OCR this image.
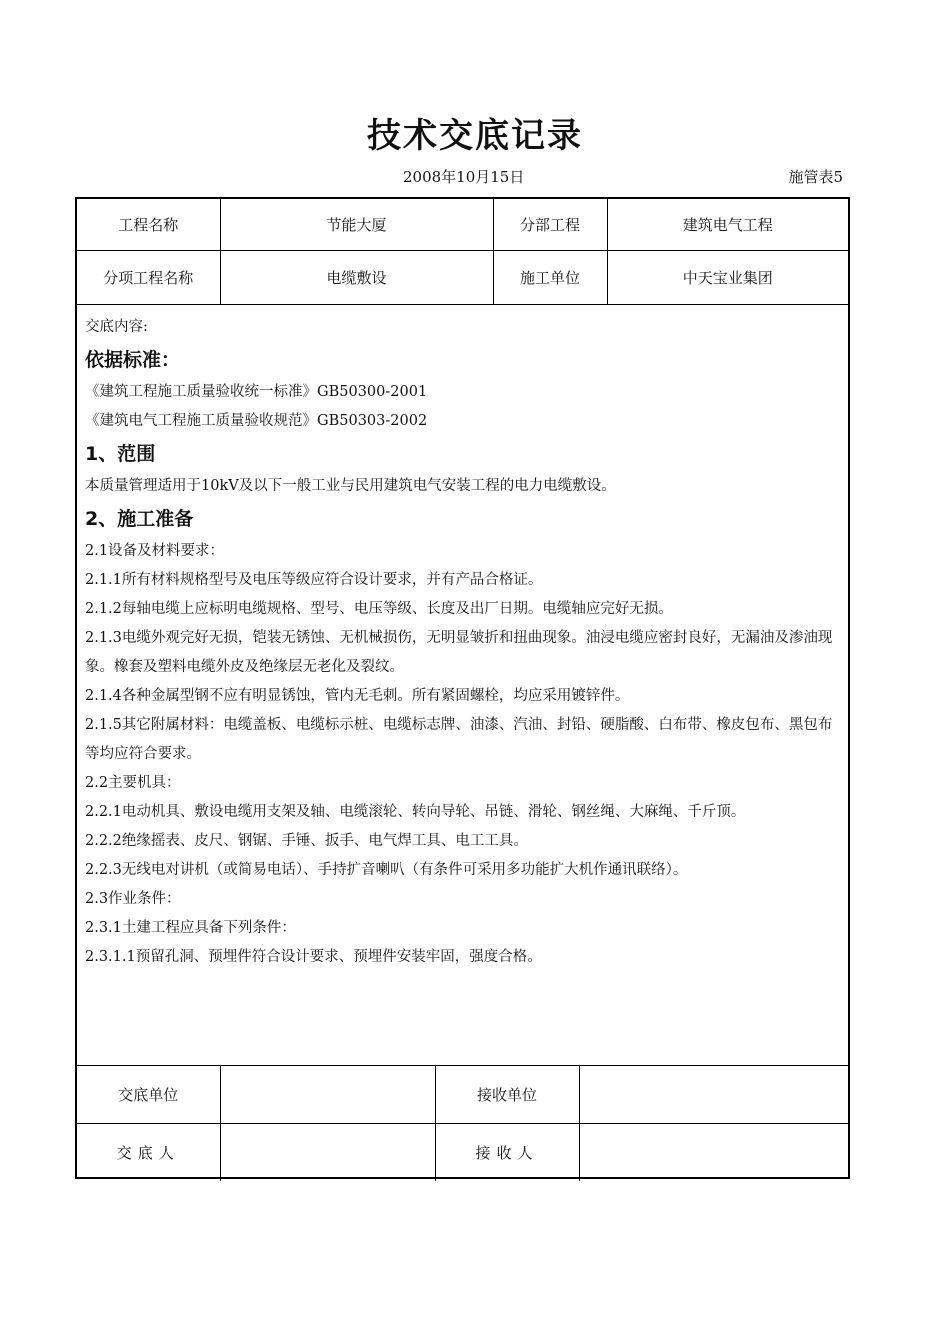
技术交底记录
2008年10月15日	施管表5
工程名称	节能大厦	分部工程	建筑电气工程
分项工程名称	电缆敷设	施工单位	中天宝业集团
交底内容:
依据标准：
《建筑工程施工质量验收统一标准》GB50300-2001
《建筑电气工程施工质量验收规范》GB50303-2002
1、范围
本质量管理适用于10kV及以下一般工业与民用建筑电气安装工程的电力电缆敷设。
2、施工准备
2.1设备及材料要求：
2.1.1所有材料规格型号及电压等级应符合设计要求，并有产品合格证。
2.1.2每轴电缆上应标明电缆规格、型号、电压等级、长度及出厂日期。电缆轴应完好无损。
2.1.3电缆外观完好无损，铠装无锈蚀、无机械损伤，无明显皱折和扭曲现象。油浸电缆应密封良好，无漏油及渗油现象。橡套及塑料电缆外皮及绝缘层无老化及裂纹。
2.1.4各种金属型钢不应有明显锈蚀，管内无毛刺。所有紧固螺栓，均应采用镀锌件。
2.1.5其它附属材料：电缆盖板、电缆标示桩、电缆标志牌、油漆、汽油、封铅、硬脂酸、白布带、橡皮包布、黑包布等均应符合要求。
2.2主要机具：
2.2.1电动机具、敷设电缆用支架及轴、电缆滚轮、转向导轮、吊链、滑轮、钢丝绳、大麻绳、千斤顶。
2.2.2绝缘摇表、皮尺、钢锯、手锤、扳手、电气焊工具、电工工具。
2.2.3无线电对讲机（或简易电话）、手持扩音喇叭（有条件可采用多功能扩大机作通讯联络）。
2.3作业条件：
2.3.1土建工程应具备下列条件：
2.3.1.1预留孔洞、预埋件符合设计要求、预埋件安装牢固，强度合格。
交底单位		接收单位	
交底人		接收人	
